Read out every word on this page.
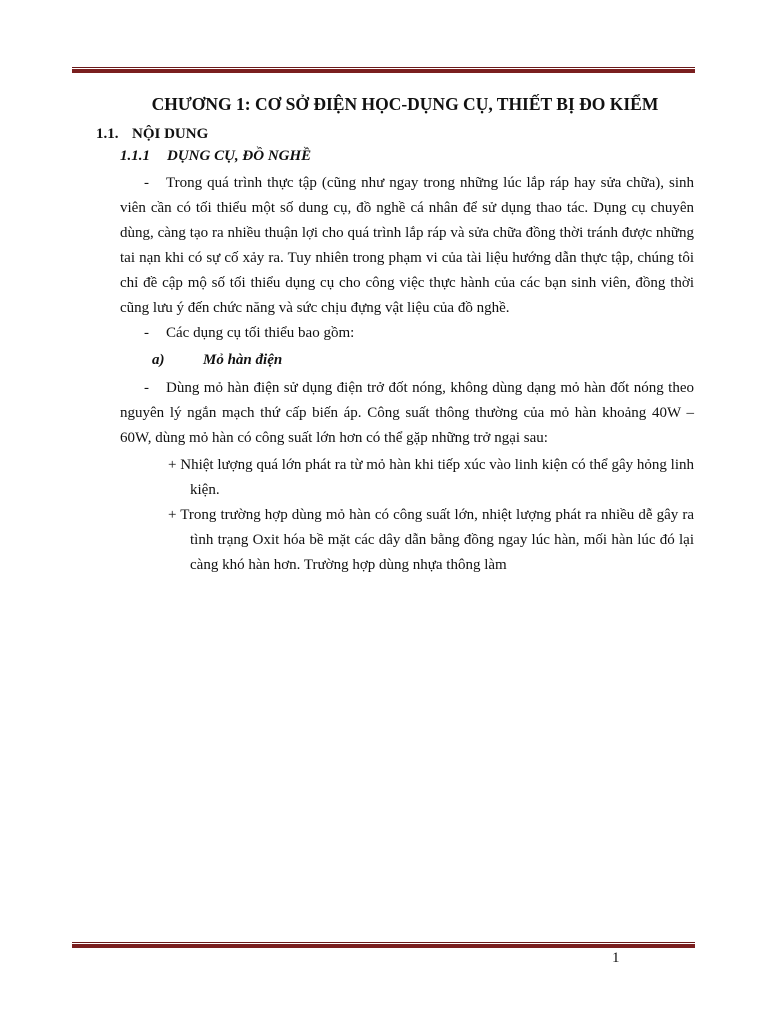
CHƯƠNG 1: CƠ SỞ ĐIỆN HỌC-DỤNG CỤ, THIẾT BỊ ĐO KIỂM

1.1. NỘI DUNG

1.1.1 DỤNG CỤ, ĐỒ NGHỀ

- Trong quá trình thực tập (cũng như ngay trong những lúc lắp ráp hay sửa chữa), sinh viên cần có tối thiểu một số dung cụ, đồ nghề cá nhân để sử dụng thao tác. Dụng cụ chuyên dùng, càng tạo ra nhiều thuận lợi cho quá trình lắp ráp và sửa chữa đồng thời tránh được những tai nạn khi có sự cố xảy ra. Tuy nhiên trong phạm vi của tài liệu hướng dẫn thực tập, chúng tôi chỉ đề cập mộ số tối thiểu dụng cụ cho công việc thực hành của các bạn sinh viên, đồng thời cũng lưu ý đến chức năng và sức chịu đựng vật liệu của đồ nghề.

- Các dụng cụ tối thiểu bao gồm:

a)	Mỏ hàn điện

- Dùng mỏ hàn điện sử dụng điện trở đốt nóng, không dùng dạng mỏ hàn đốt nóng theo nguyên lý ngắn mạch thứ cấp biến áp. Công suất thông thường của mỏ hàn khoảng 40W – 60W, dùng mỏ hàn có công suất lớn hơn có thể gặp những trở ngại sau:

+ Nhiệt lượng quá lớn phát ra từ mỏ hàn khi tiếp xúc vào linh kiện có thể gây hỏng linh kiện.
+ Trong trường hợp dùng mỏ hàn có công suất lớn, nhiệt lượng phát ra nhiều dễ gây ra tình trạng Oxit hóa bề mặt các dây dẫn bằng đồng ngay lúc hàn, mối hàn lúc đó lại càng khó hàn hơn. Trường hợp dùng nhựa thông làm
1
